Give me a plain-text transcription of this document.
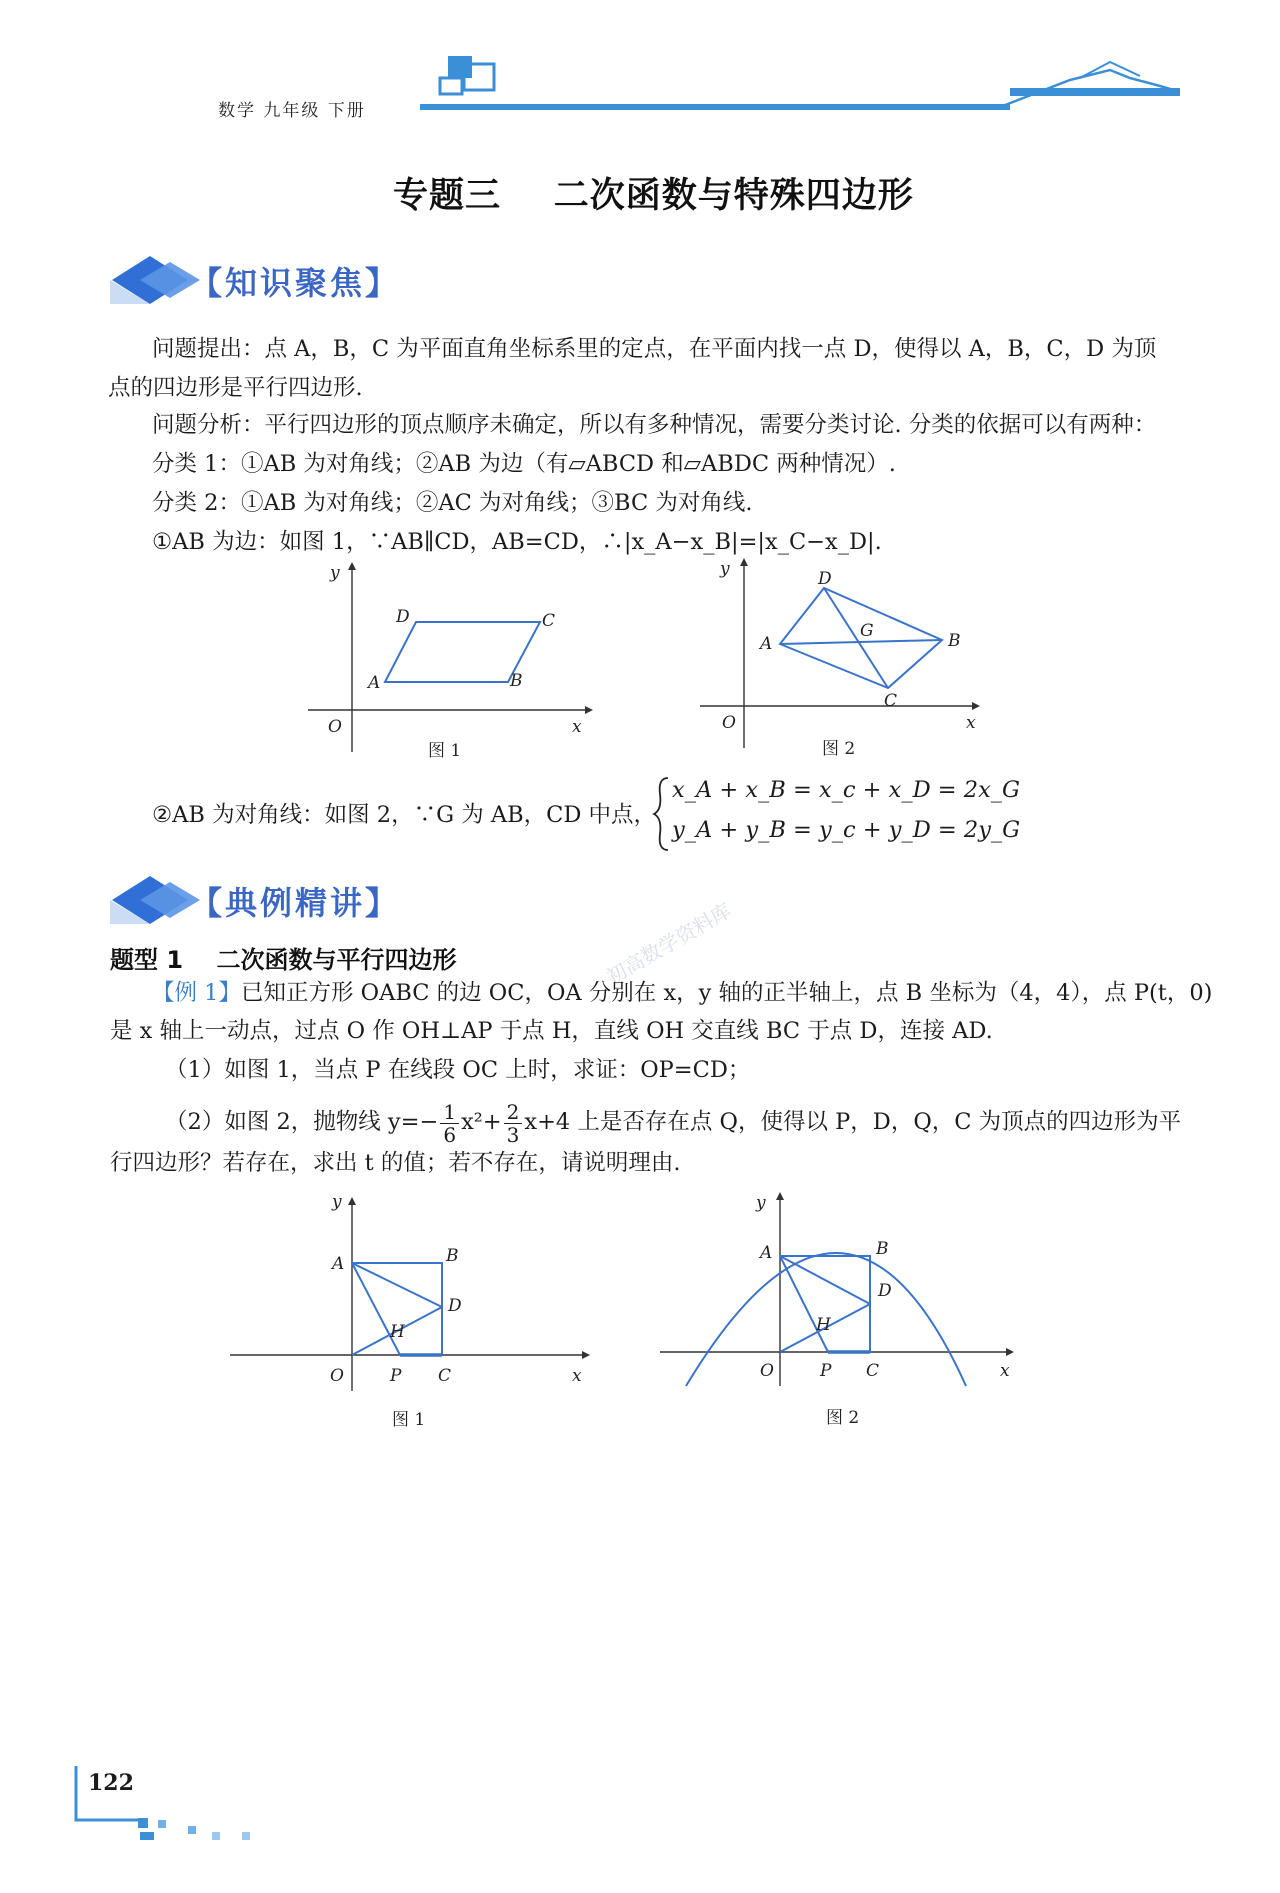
数学 九年级 下册
专题三    二次函数与特殊四边形
【知识聚焦】
问题提出：点 A，B，C 为平面直角坐标系里的定点，在平面内找一点 D，使得以 A，B，C，D 为顶
点的四边形是平行四边形.
问题分析：平行四边形的顶点顺序未确定，所以有多种情况，需要分类讨论. 分类的依据可以有两种：
分类 1：①AB 为对角线；②AB 为边（有▱ABCD 和▱ABDC 两种情况）.
分类 2：①AB 为对角线；②AC 为对角线；③BC 为对角线.
①AB 为边：如图 1，∵AB∥CD，AB=CD，∴|x_A−x_B|=|x_C−x_D|.
y
x
O
A	B
C
D
图 1
y
x
O
A	B
C
D
G
图 2
②AB 为对角线：如图 2，∵G 为 AB，CD 中点，
x_A + x_B = x_c + x_D = 2x_G
y_A + y_B = y_c + y_D = 2y_G
【典例精讲】
题型 1    二次函数与平行四边形	初高数学资料库
【例 1】已知正方形 OABC 的边 OC，OA 分别在 x，y 轴的正半轴上，点 B 坐标为（4，4），点 P(t，0)
是 x 轴上一动点，过点 O 作 OH⊥AP 于点 H，直线 OH 交直线 BC 于点 D，连接 AD.
（1）如图 1，当点 P 在线段 OC 上时，求证：OP=CD；
（2）如图 2，抛物线 $y=- \frac{1}{6} x^2+ \frac{2}{3} x+4$ 上是否存在点 Q，使得以 P，D，Q，C 为顶点的四边形为平
行四边形？若存在，求出 t 的值；若不存在，请说明理由.
y
x
O
A	B
C
D
H
P
图 1
y
x
O
A	B
C
D
H
P
图 2
122
